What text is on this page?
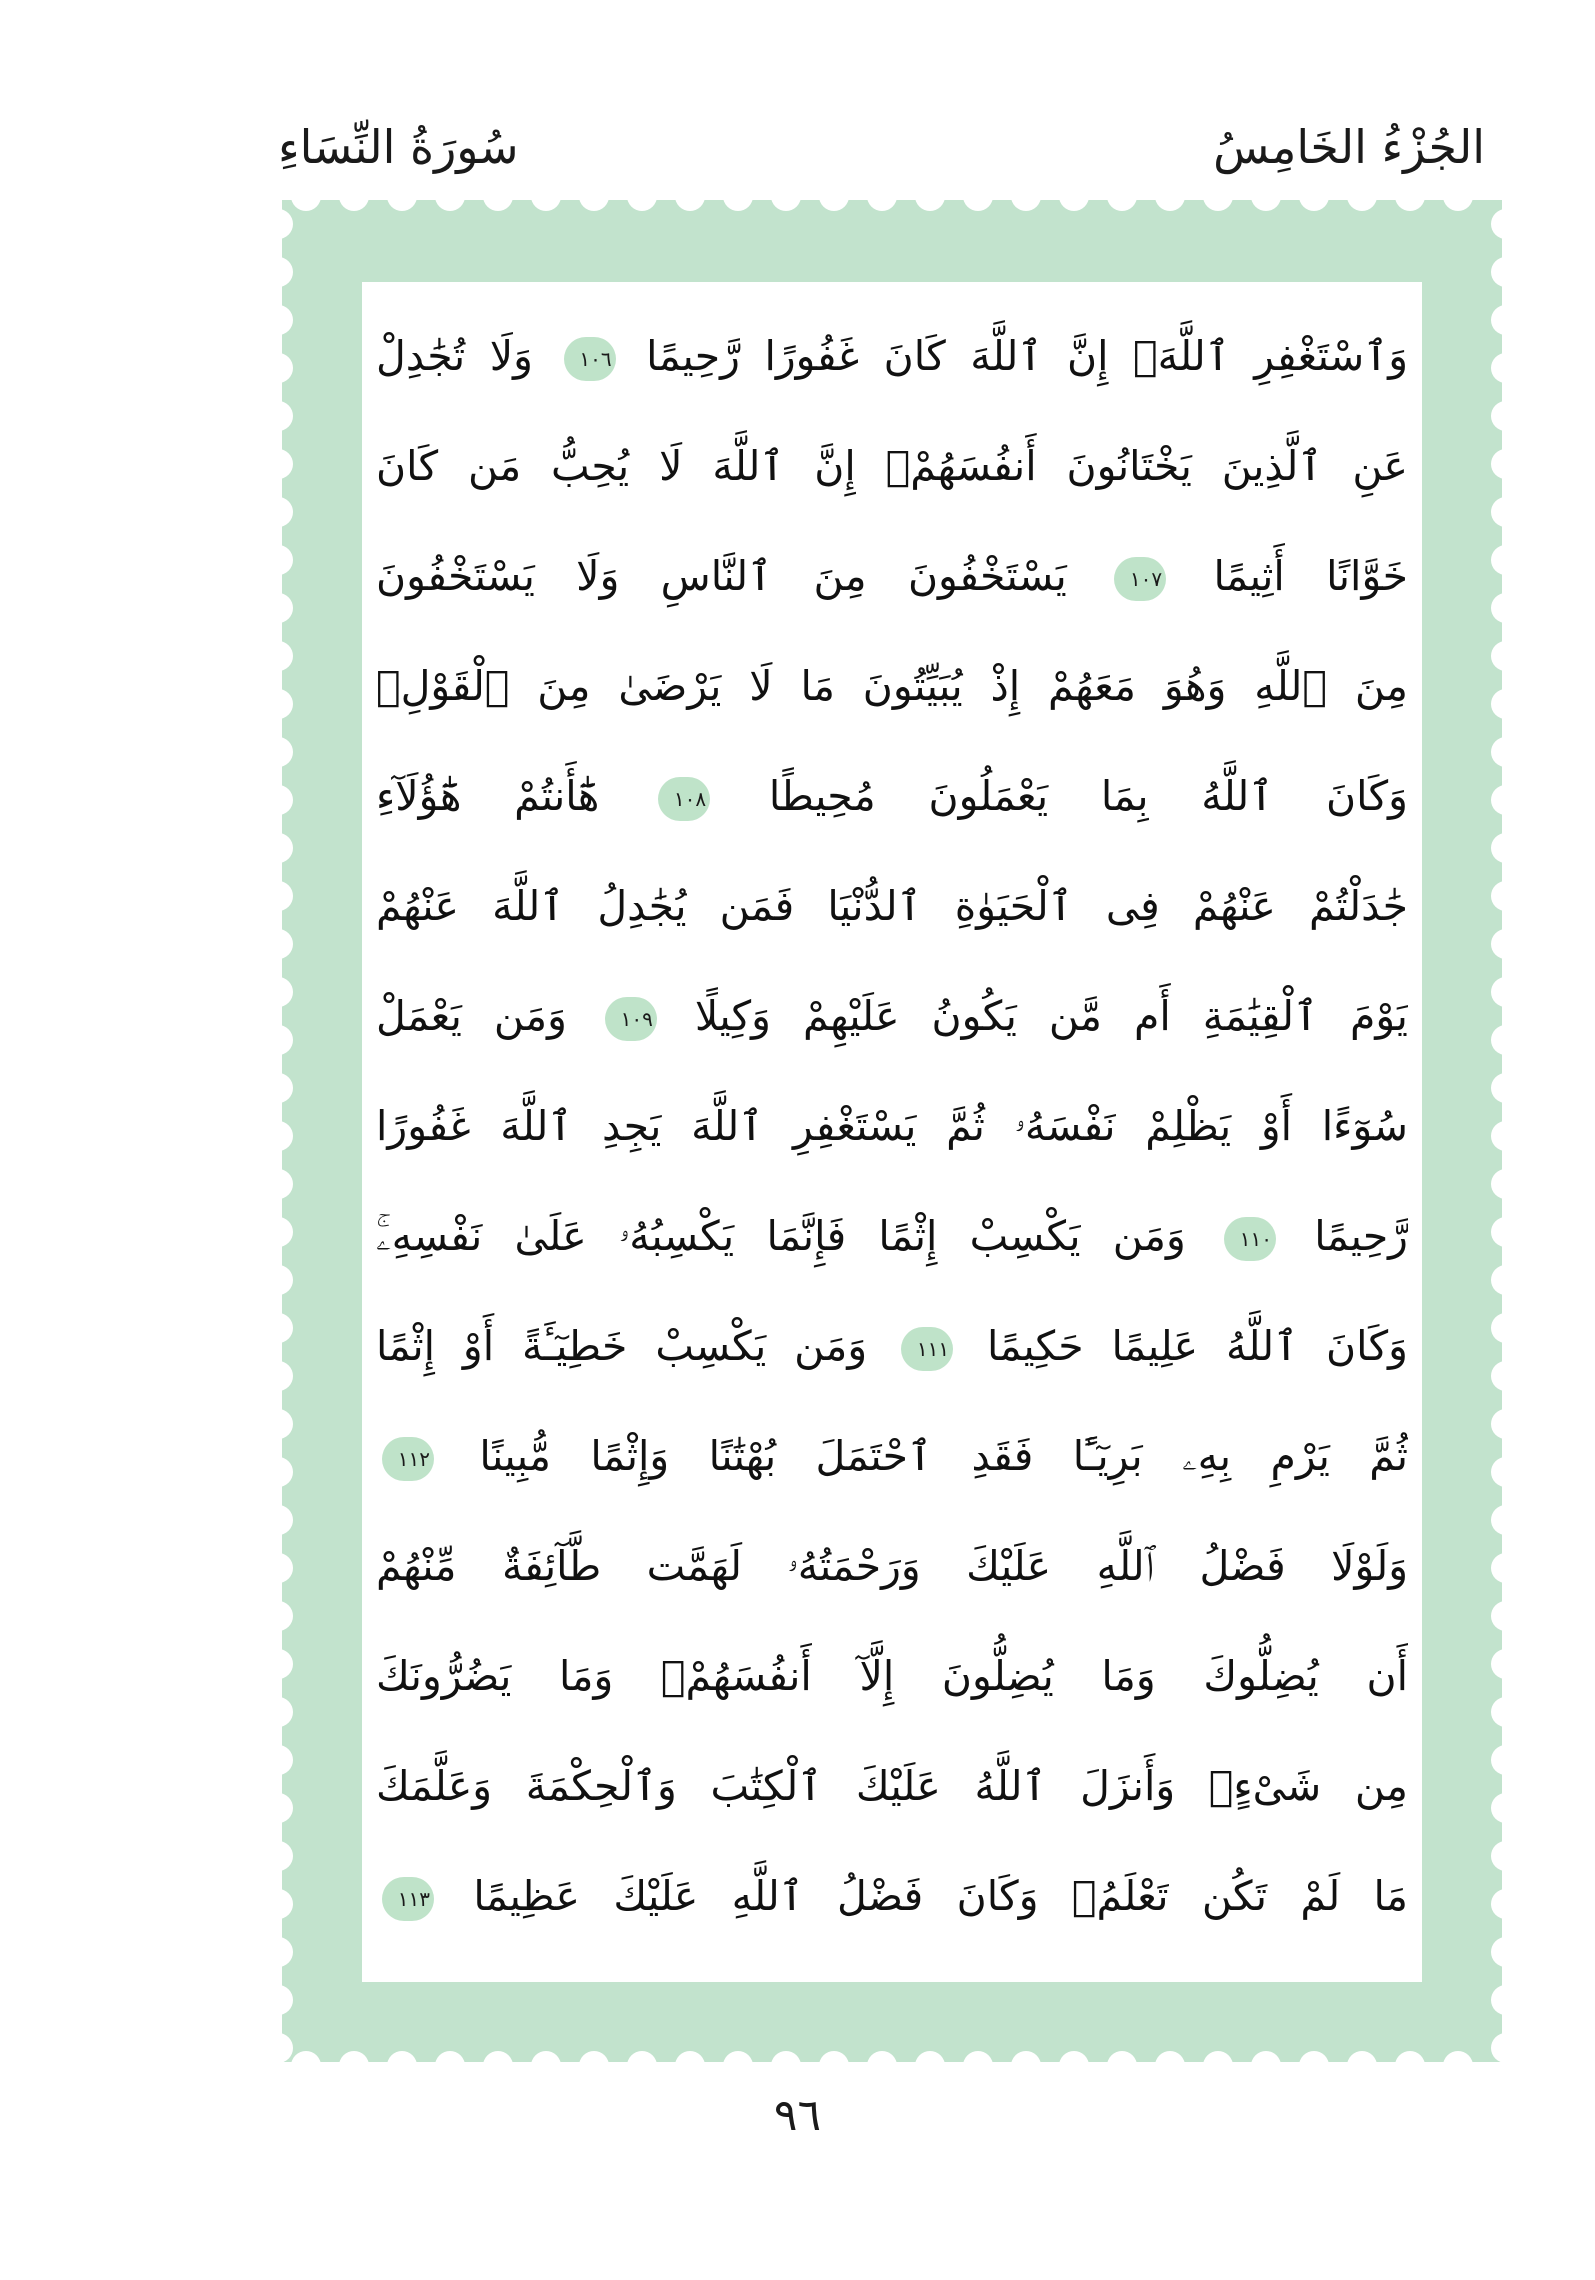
الجُزْءُ الخَامِسُ
سُورَةُ النِّسَاءِ
وَٱسْتَغْفِرِ ٱللَّهَۖ إِنَّ ٱللَّهَ كَانَ غَفُورًا رَّحِيمًا ١٠٦ وَلَا تُجَٰدِلْ
عَنِ ٱلَّذِينَ يَخْتَانُونَ أَنفُسَهُمْۚ إِنَّ ٱللَّهَ لَا يُحِبُّ مَن كَانَ
خَوَّانًا أَثِيمًا ١٠٧ يَسْتَخْفُونَ مِنَ ٱلنَّاسِ وَلَا يَسْتَخْفُونَ
مِنَ ٱللَّهِ وَهُوَ مَعَهُمْ إِذْ يُبَيِّتُونَ مَا لَا يَرْضَىٰ مِنَ ٱلْقَوْلِۚ
وَكَانَ ٱللَّهُ بِمَا يَعْمَلُونَ مُحِيطًا ١٠٨ هَٰٓأَنتُمْ هَٰٓؤُلَآءِ
جَٰدَلْتُمْ عَنْهُمْ فِى ٱلْحَيَوٰةِ ٱلدُّنْيَا فَمَن يُجَٰدِلُ ٱللَّهَ عَنْهُمْ
يَوْمَ ٱلْقِيَٰمَةِ أَم مَّن يَكُونُ عَلَيْهِمْ وَكِيلًا ١٠٩ وَمَن يَعْمَلْ
سُوٓءًا أَوْ يَظْلِمْ نَفْسَهُۥ ثُمَّ يَسْتَغْفِرِ ٱللَّهَ يَجِدِ ٱللَّهَ غَفُورًا
رَّحِيمًا ١١٠ وَمَن يَكْسِبْ إِثْمًا فَإِنَّمَا يَكْسِبُهُۥ عَلَىٰ نَفْسِهِۦۚ
وَكَانَ ٱللَّهُ عَلِيمًا حَكِيمًا ١١١ وَمَن يَكْسِبْ خَطِيٓـَٔةً أَوْ إِثْمًا
ثُمَّ يَرْمِ بِهِۦ بَرِيٓـًٔا فَقَدِ ٱحْتَمَلَ بُهْتَٰنًا وَإِثْمًا مُّبِينًا ١١٢
وَلَوْلَا فَضْلُ ٱللَّهِ عَلَيْكَ وَرَحْمَتُهُۥ لَهَمَّت طَّآئِفَةٌ مِّنْهُمْ
أَن يُضِلُّوكَ وَمَا يُضِلُّونَ إِلَّآ أَنفُسَهُمْۖ وَمَا يَضُرُّونَكَ
مِن شَىْءٍۚ وَأَنزَلَ ٱللَّهُ عَلَيْكَ ٱلْكِتَٰبَ وَٱلْحِكْمَةَ وَعَلَّمَكَ
مَا لَمْ تَكُن تَعْلَمُۚ وَكَانَ فَضْلُ ٱللَّهِ عَلَيْكَ عَظِيمًا ١١٣
٩٦
